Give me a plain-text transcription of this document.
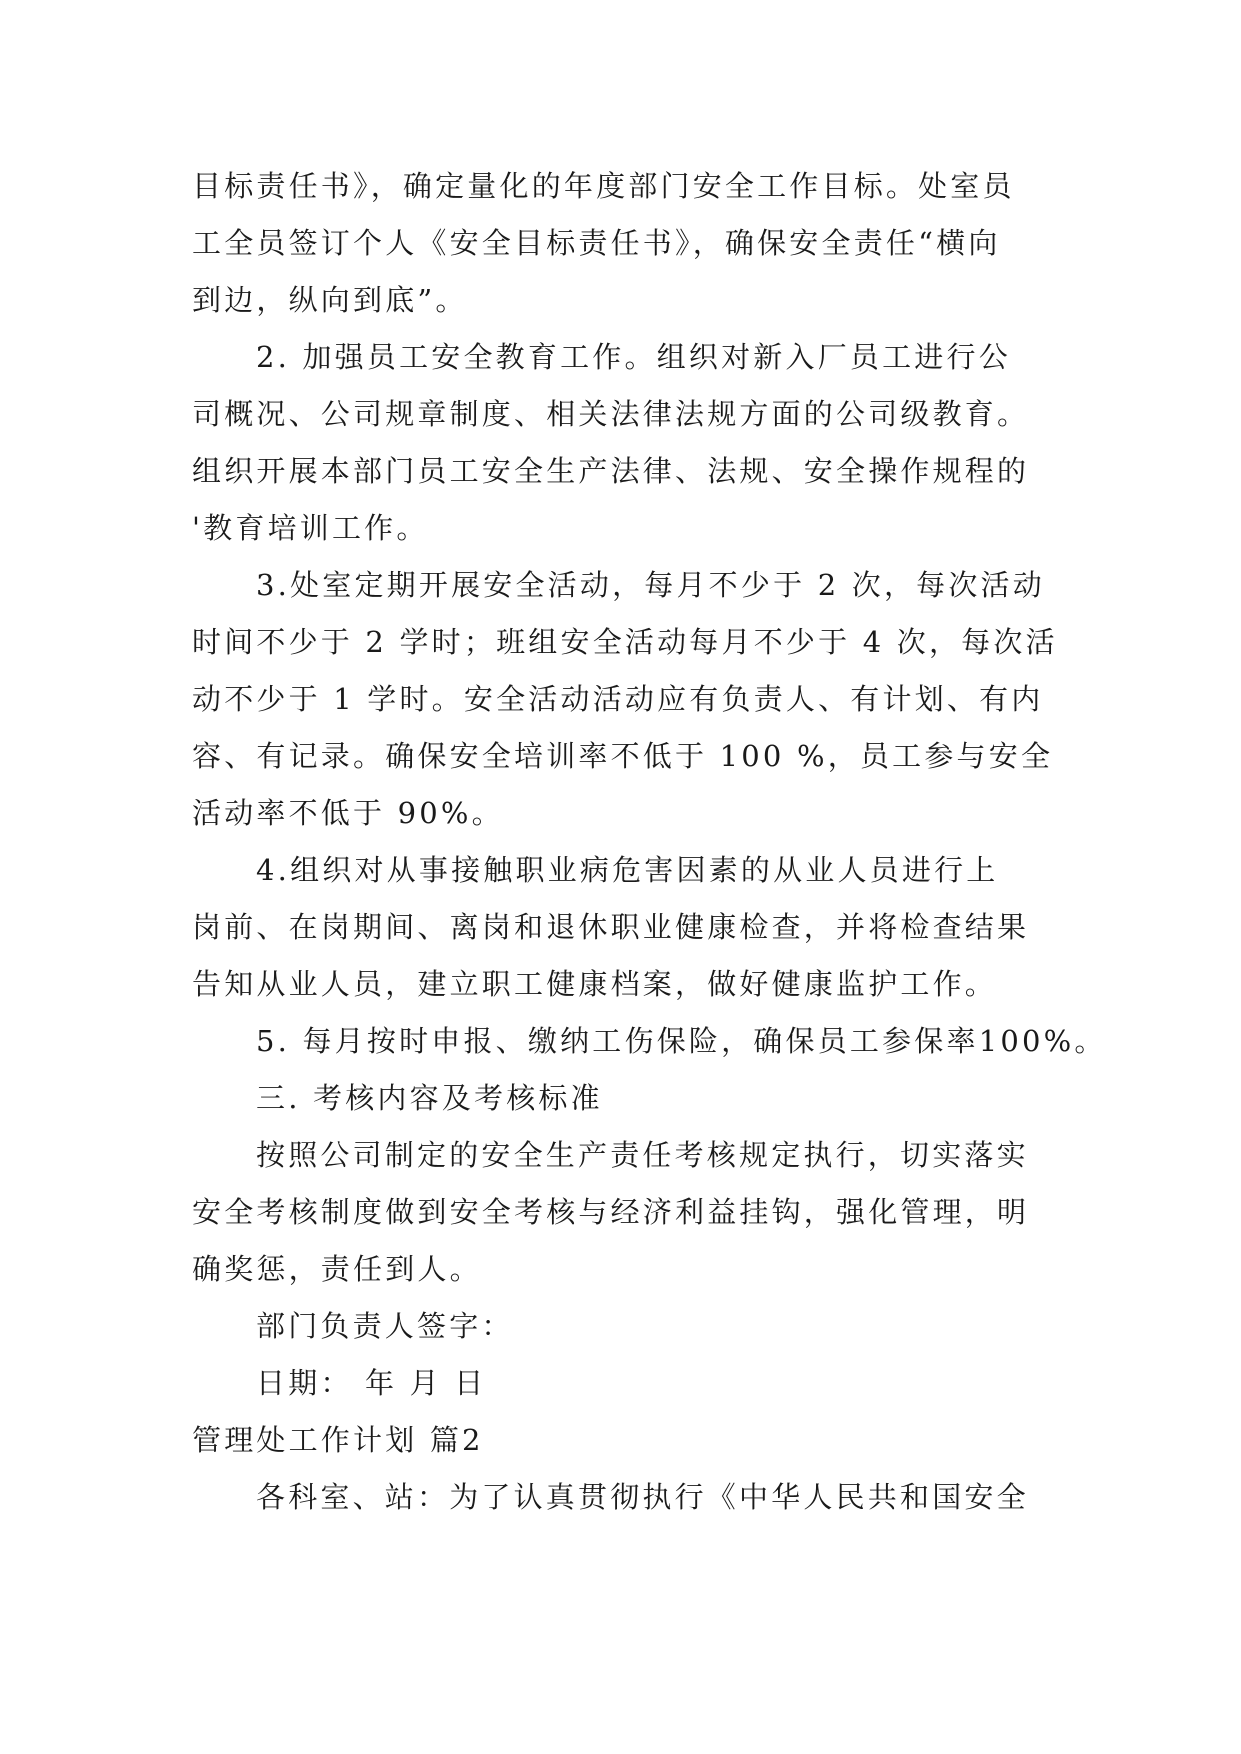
目标责任书》，确定量化的年度部门安全工作目标。处室员
工全员签订个人《安全目标责任书》，确保安全责任“横向
到边，纵向到底”。
2. 加强员工安全教育工作。组织对新入厂员工进行公
司概况、公司规章制度、相关法律法规方面的公司级教育。
组织开展本部门员工安全生产法律、法规、安全操作规程的
'教育培训工作。
3.处室定期开展安全活动，每月不少于 2 次，每次活动
时间不少于 2 学时；班组安全活动每月不少于 4 次，每次活
动不少于 1 学时。安全活动活动应有负责人、有计划、有内
容、有记录。确保安全培训率不低于 100 %，员工参与安全
活动率不低于 90%。
4.组织对从事接触职业病危害因素的从业人员进行上
岗前、在岗期间、离岗和退休职业健康检查，并将检查结果
告知从业人员，建立职工健康档案，做好健康监护工作。
5. 每月按时申报、缴纳工伤保险，确保员工参保率100%。
三. 考核内容及考核标准
按照公司制定的安全生产责任考核规定执行，切实落实
安全考核制度做到安全考核与经济利益挂钩，强化管理，明
确奖惩，责任到人。
部门负责人签字：
日期： 年 月 日
管理处工作计划 篇2
各科室、站：为了认真贯彻执行《中华人民共和国安全
